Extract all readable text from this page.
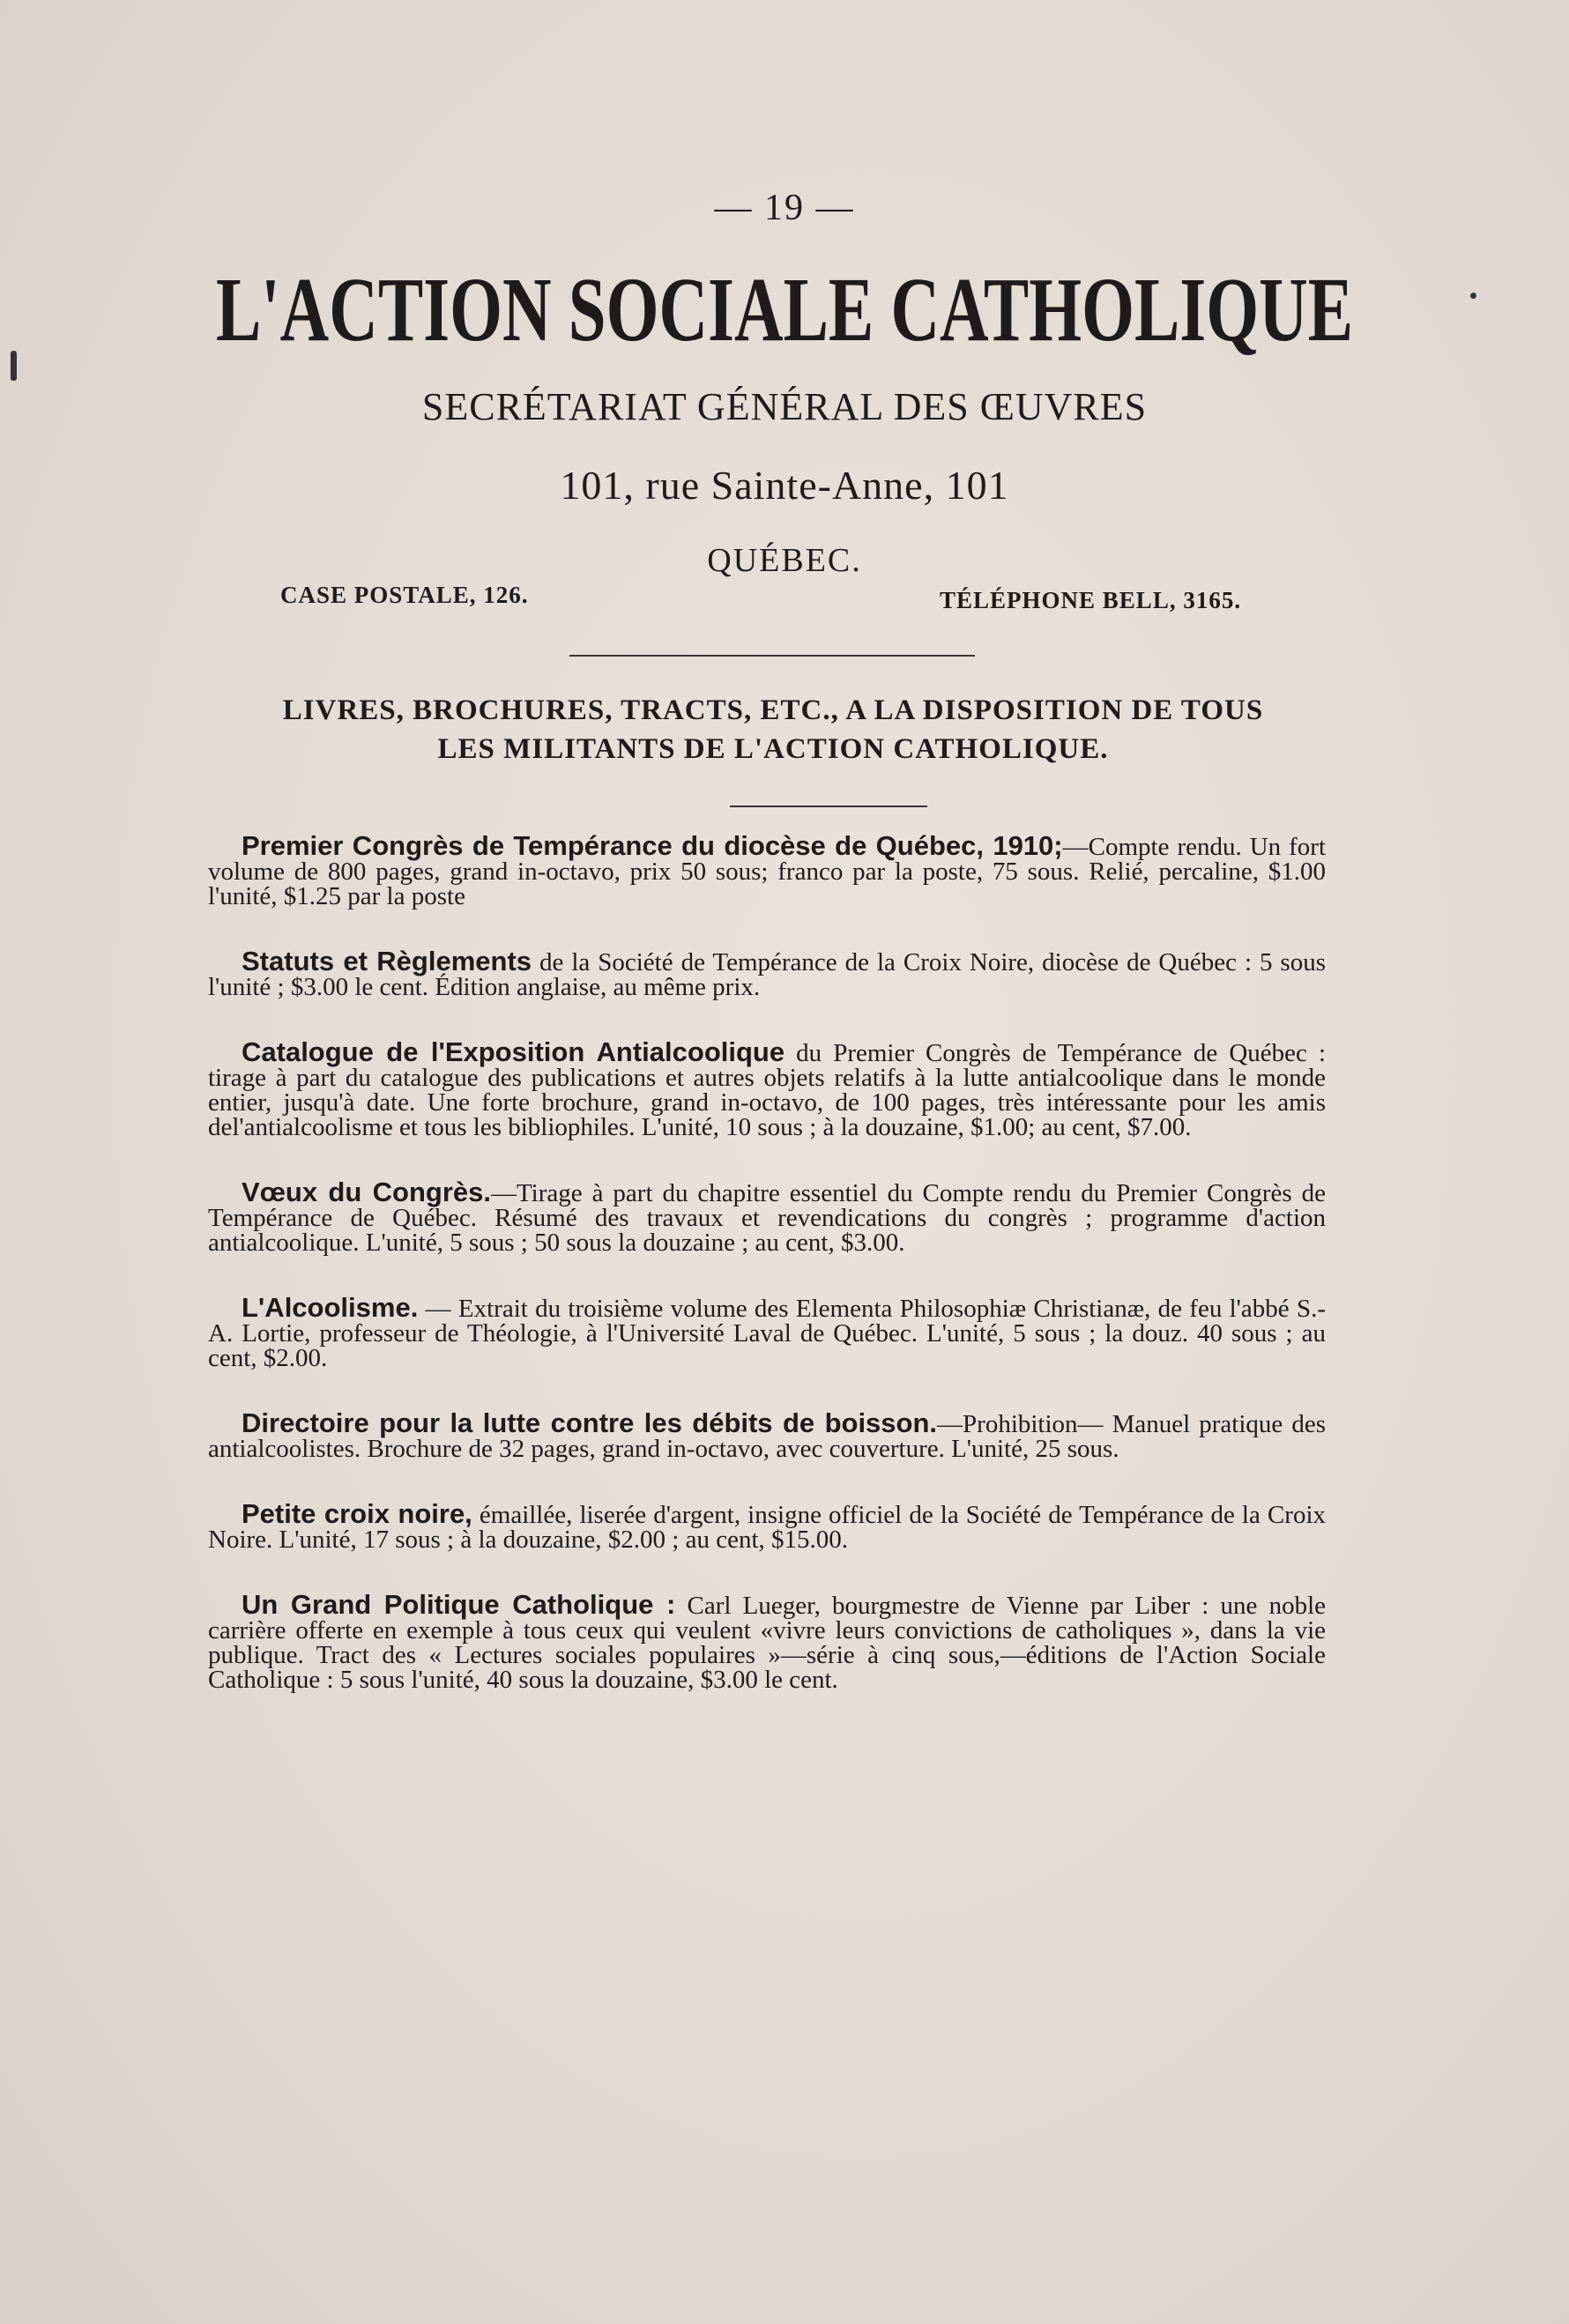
— 19 —
L'ACTION SOCIALE CATHOLIQUE
SECRÉTARIAT GÉNÉRAL DES ŒUVRES
101, rue Sainte-Anne, 101
QUÉBEC.
CASE POSTALE, 126.	TÉLÉPHONE BELL, 3165.
LIVRES, BROCHURES, TRACTS, ETC., A LA DISPOSITION DE TOUS
LES MILITANTS DE L'ACTION CATHOLIQUE.
Premier Congrès de Tempérance du diocèse de Québec, 1910;—Compte rendu. Un fort volume de 800 pages, grand in-octavo, prix 50 sous; franco par la poste, 75 sous. Relié, percaline, $1.00 l'unité, $1.25 par la poste
Statuts et Règlements de la Société de Tempérance de la Croix Noire, diocèse de Québec : 5 sous l'unité ; $3.00 le cent. Édition anglaise, au même prix.
Catalogue de l'Exposition Antialcoolique du Premier Congrès de Tempérance de Québec : tirage à part du catalogue des publications et autres objets relatifs à la lutte antialcoolique dans le monde entier, jusqu'à date. Une forte brochure, grand in-octavo, de 100 pages, très intéressante pour les amis del'antialcoolisme et tous les bibliophiles. L'unité, 10 sous ; à la douzaine, $1.00; au cent, $7.00.
Vœux du Congrès.—Tirage à part du chapitre essentiel du Compte rendu du Premier Congrès de Tempérance de Québec. Résumé des travaux et revendications du congrès ; programme d'action antialcoolique. L'unité, 5 sous ; 50 sous la douzaine ; au cent, $3.00.
L'Alcoolisme. — Extrait du troisième volume des Elementa Philosophiæ Christianæ, de feu l'abbé S.-A. Lortie, professeur de Théologie, à l'Université Laval de Québec. L'unité, 5 sous ; la douz. 40 sous ; au cent, $2.00.
Directoire pour la lutte contre les débits de boisson.—Prohibition— Manuel pratique des antialcoolistes. Brochure de 32 pages, grand in-octavo, avec couverture. L'unité, 25 sous.
Petite croix noire, émaillée, liserée d'argent, insigne officiel de la Société de Tempérance de la Croix Noire. L'unité, 17 sous ; à la douzaine, $2.00 ; au cent, $15.00.
Un Grand Politique Catholique : Carl Lueger, bourgmestre de Vienne par Liber : une noble carrière offerte en exemple à tous ceux qui veulent «vivre leurs convictions de catholiques », dans la vie publique. Tract des « Lectures sociales populaires »—série à cinq sous,—éditions de l'Action Sociale Catholique : 5 sous l'unité, 40 sous la douzaine, $3.00 le cent.
